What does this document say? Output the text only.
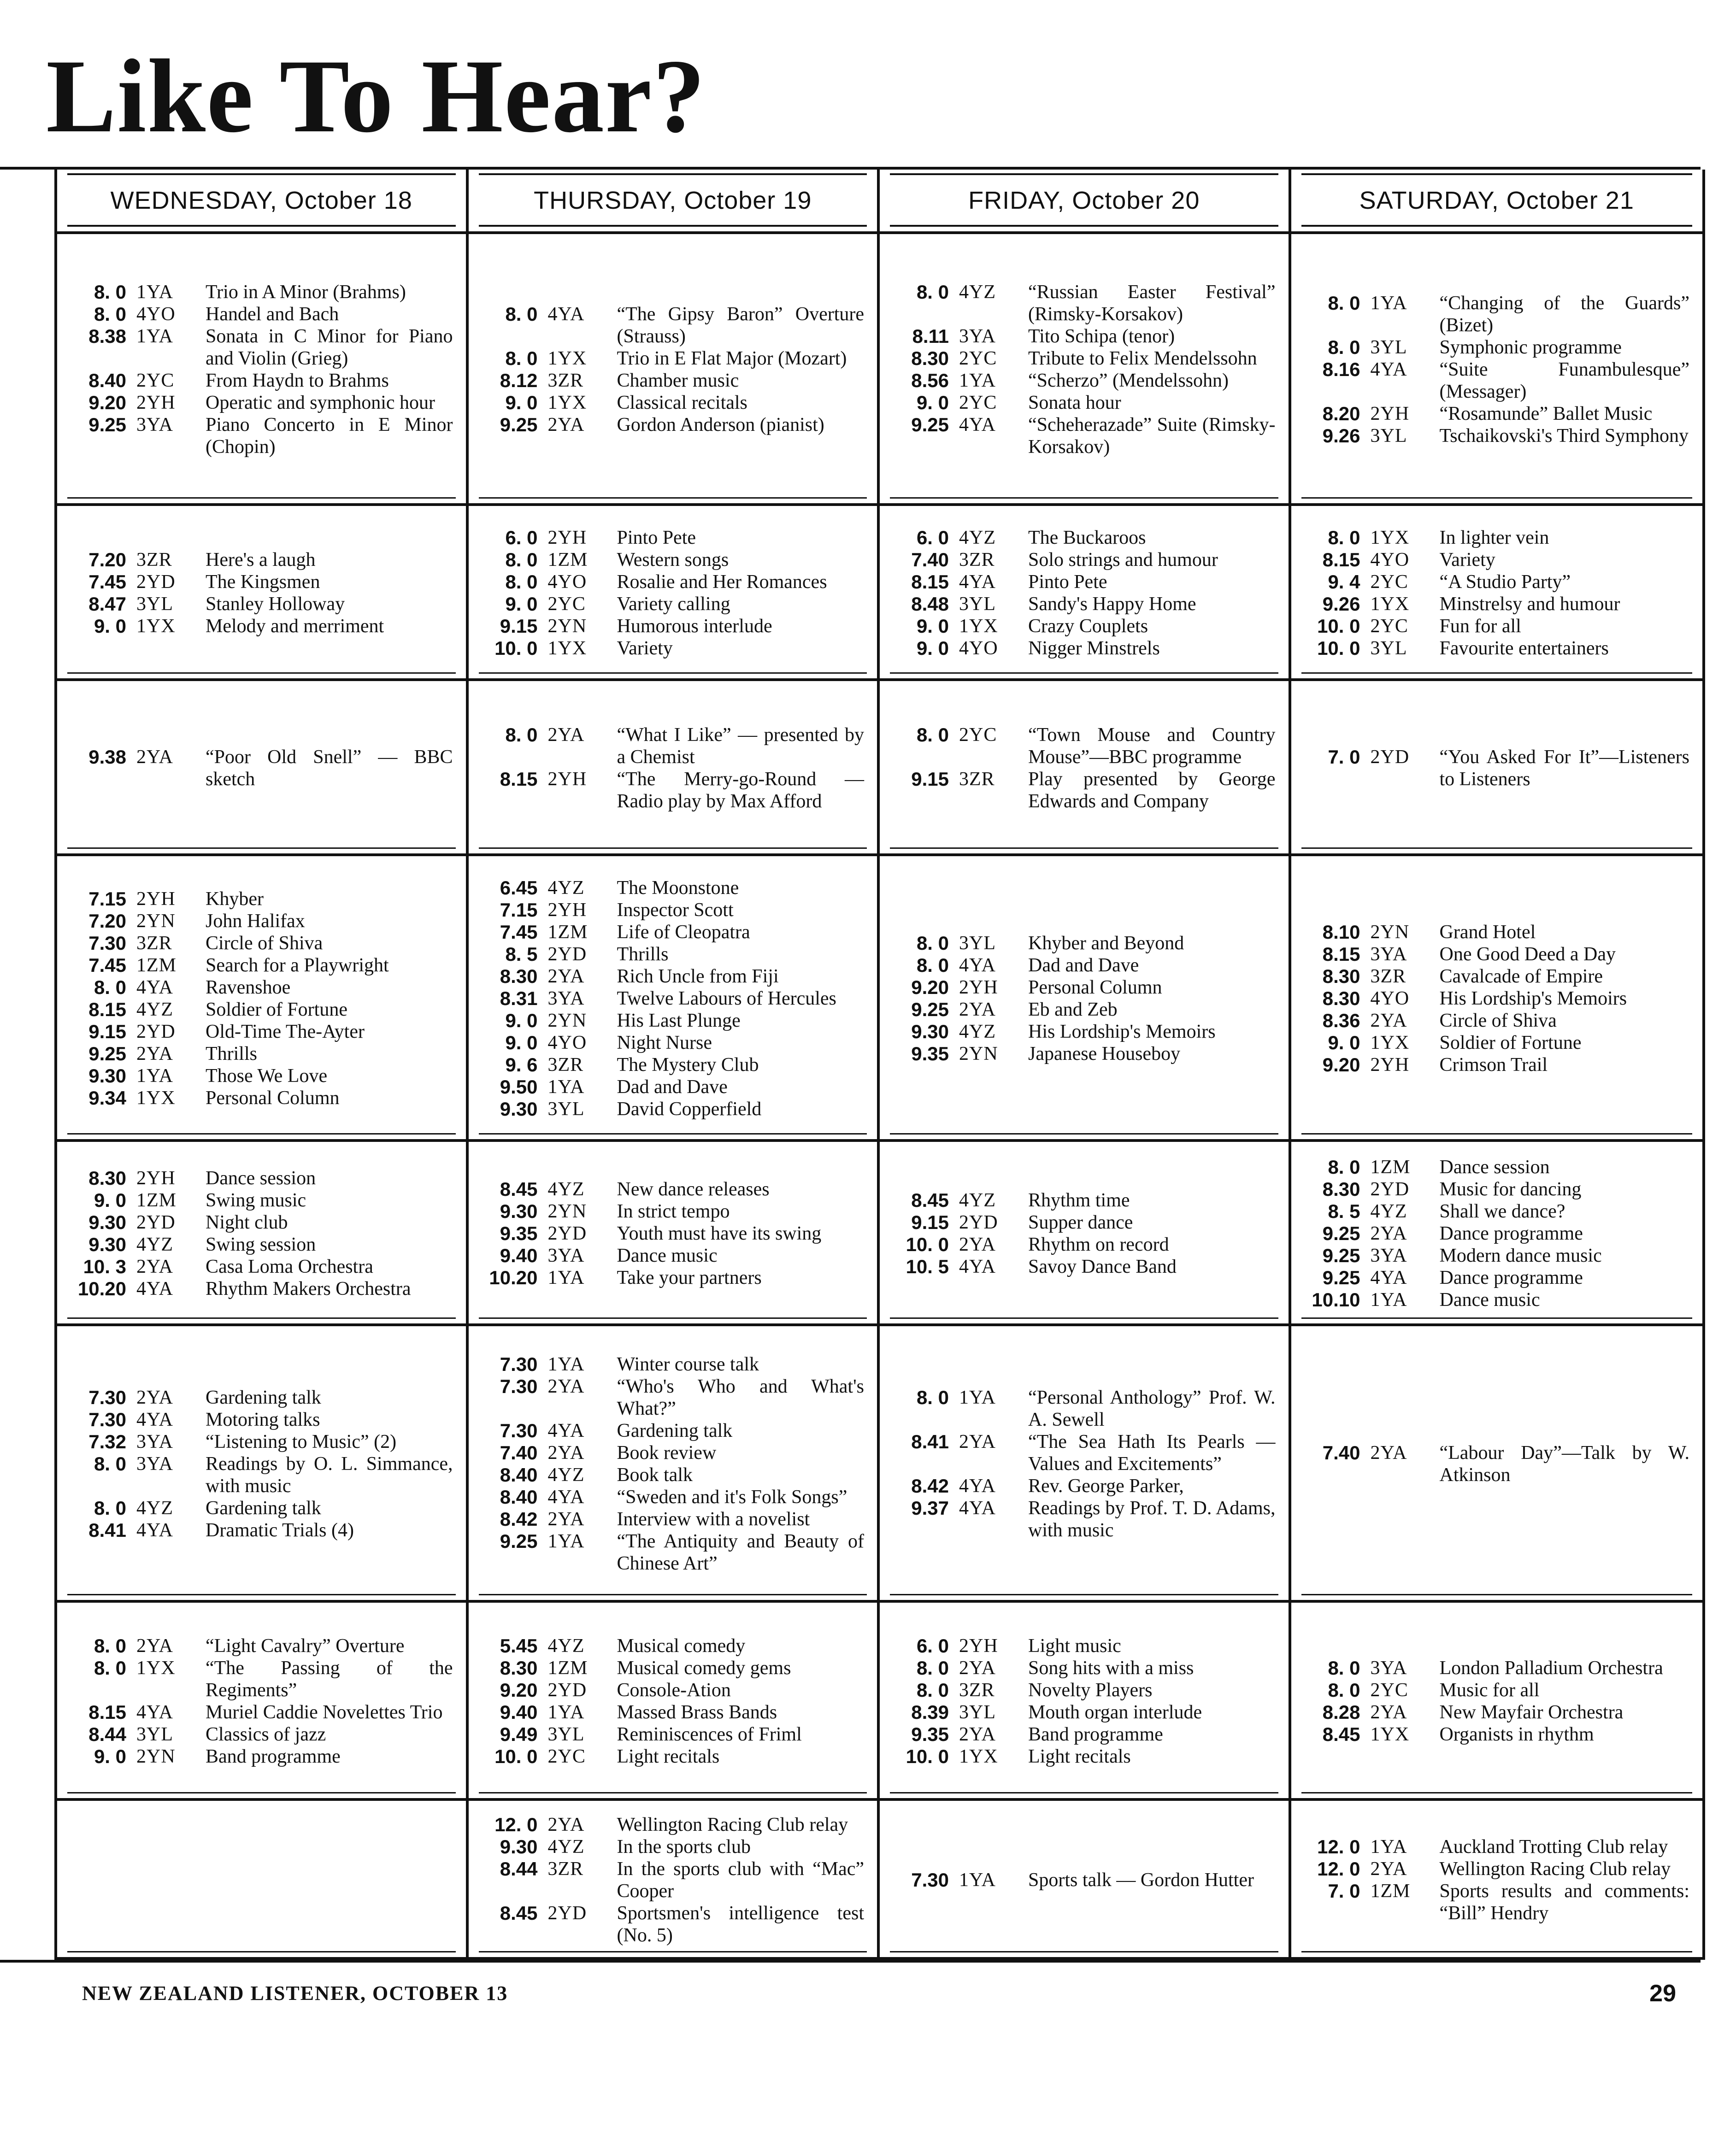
Like To Hear?
WEDNESDAY, October 18	THURSDAY, October 19	FRIDAY, October 20	SATURDAY, October 21
8. 0 1YA	Trio in A Minor (Brahms)
8. 0 4YO	Handel and Bach
8.38 1YA	Sonata in C Minor for Piano and Violin (Grieg)
8.40 2YC	From Haydn to Brahms
9.20 2YH	Operatic and symphonic hour
9.25 3YA	Piano Concerto in E Minor (Chopin)
8. 0 4YA	“The Gipsy Baron” Overture (Strauss)
8. 0 1YX	Trio in E Flat Major (Mozart)
8.12 3ZR	Chamber music
9. 0 1YX	Classical recitals
9.25 2YA	Gordon Anderson (pianist)
8. 0 4YZ	“Russian Easter Festival” (Rimsky-Korsakov)
8.11 3YA	Tito Schipa (tenor)
8.30 2YC	Tribute to Felix Mendelssohn
8.56 1YA	“Scherzo” (Mendelssohn)
9. 0 2YC	Sonata hour
9.25 4YA	“Scheherazade” Suite (Rimsky-Korsakov)
8. 0 1YA	“Changing of the Guards” (Bizet)
8. 0 3YL	Symphonic programme
8.16 4YA	“Suite Funambulesque” (Messager)
8.20 2YH	“Rosamunde” Ballet Music
9.26 3YL	Tschaikovski's Third Symphony
7.20 3ZR	Here's a laugh
7.45 2YD	The Kingsmen
8.47 3YL	Stanley Holloway
9. 0 1YX	Melody and merriment
6. 0 2YH	Pinto Pete
8. 0 1ZM	Western songs
8. 0 4YO	Rosalie and Her Romances
9. 0 2YC	Variety calling
9.15 2YN	Humorous interlude
10. 0 1YX	Variety
6. 0 4YZ	The Buckaroos
7.40 3ZR	Solo strings and humour
8.15 4YA	Pinto Pete
8.48 3YL	Sandy's Happy Home
9. 0 1YX	Crazy Couplets
9. 0 4YO	Nigger Minstrels
8. 0 1YX	In lighter vein
8.15 4YO	Variety
9. 4 2YC	“A Studio Party”
9.26 1YX	Minstrelsy and humour
10. 0 2YC	Fun for all
10. 0 3YL	Favourite entertainers
9.38 2YA	“Poor Old Snell” — BBC sketch
8. 0 2YA	“What I Like” — presented by a Chemist
8.15 2YH	“The Merry-go-Round — Radio play by Max Afford
8. 0 2YC	“Town Mouse and Country Mouse”—BBC programme
9.15 3ZR	Play presented by George Edwards and Company
7. 0 2YD	“You Asked For It”—Listeners to Listeners
7.15 2YH	Khyber
7.20 2YN	John Halifax
7.30 3ZR	Circle of Shiva
7.45 1ZM	Search for a Playwright
8. 0 4YA	Ravenshoe
8.15 4YZ	Soldier of Fortune
9.15 2YD	Old-Time The-Ayter
9.25 2YA	Thrills
9.30 1YA	Those We Love
9.34 1YX	Personal Column
6.45 4YZ	The Moonstone
7.15 2YH	Inspector Scott
7.45 1ZM	Life of Cleopatra
8. 5 2YD	Thrills
8.30 2YA	Rich Uncle from Fiji
8.31 3YA	Twelve Labours of Hercules
9. 0 2YN	His Last Plunge
9. 0 4YO	Night Nurse
9. 6 3ZR	The Mystery Club
9.50 1YA	Dad and Dave
9.30 3YL	David Copperfield
8. 0 3YL	Khyber and Beyond
8. 0 4YA	Dad and Dave
9.20 2YH	Personal Column
9.25 2YA	Eb and Zeb
9.30 4YZ	His Lordship's Memoirs
9.35 2YN	Japanese Houseboy
8.10 2YN	Grand Hotel
8.15 3YA	One Good Deed a Day
8.30 3ZR	Cavalcade of Empire
8.30 4YO	His Lordship's Memoirs
8.36 2YA	Circle of Shiva
9. 0 1YX	Soldier of Fortune
9.20 2YH	Crimson Trail
8.30 2YH	Dance session
9. 0 1ZM	Swing music
9.30 2YD	Night club
9.30 4YZ	Swing session
10. 3 2YA	Casa Loma Orchestra
10.20 4YA	Rhythm Makers Orchestra
8.45 4YZ	New dance releases
9.30 2YN	In strict tempo
9.35 2YD	Youth must have its swing
9.40 3YA	Dance music
10.20 1YA	Take your partners
8.45 4YZ	Rhythm time
9.15 2YD	Supper dance
10. 0 2YA	Rhythm on record
10. 5 4YA	Savoy Dance Band
8. 0 1ZM	Dance session
8.30 2YD	Music for dancing
8. 5 4YZ	Shall we dance?
9.25 2YA	Dance programme
9.25 3YA	Modern dance music
9.25 4YA	Dance programme
10.10 1YA	Dance music
7.30 2YA	Gardening talk
7.30 4YA	Motoring talks
7.32 3YA	“Listening to Music” (2)
8. 0 3YA	Readings by O. L. Simmance, with music
8. 0 4YZ	Gardening talk
8.41 4YA	Dramatic Trials (4)
7.30 1YA	Winter course talk
7.30 2YA	“Who's Who and What's What?”
7.30 4YA	Gardening talk
7.40 2YA	Book review
8.40 4YZ	Book talk
8.40 4YA	“Sweden and it's Folk Songs”
8.42 2YA	Interview with a novelist
9.25 1YA	“The Antiquity and Beauty of Chinese Art”
8. 0 1YA	“Personal Anthology” Prof. W. A. Sewell
8.41 2YA	“The Sea Hath Its Pearls — Values and Excitements”
8.42 4YA	Rev. George Parker,
9.37 4YA	Readings by Prof. T. D. Adams, with music
7.40 2YA	“Labour Day”—Talk by W. Atkinson
8. 0 2YA	“Light Cavalry” Overture
8. 0 1YX	“The Passing of the Regiments”
8.15 4YA	Muriel Caddie Novelettes Trio
8.44 3YL	Classics of jazz
9. 0 2YN	Band programme
5.45 4YZ	Musical comedy
8.30 1ZM	Musical comedy gems
9.20 2YD	Console-Ation
9.40 1YA	Massed Brass Bands
9.49 3YL	Reminiscences of Friml
10. 0 2YC	Light recitals
6. 0 2YH	Light music
8. 0 2YA	Song hits with a miss
8. 0 3ZR	Novelty Players
8.39 3YL	Mouth organ interlude
9.35 2YA	Band programme
10. 0 1YX	Light recitals
8. 0 3YA	London Palladium Orchestra
8. 0 2YC	Music for all
8.28 2YA	New Mayfair Orchestra
8.45 1YX	Organists in rhythm
12. 0 2YA	Wellington Racing Club relay
9.30 4YZ	In the sports club
8.44 3ZR	In the sports club with “Mac” Cooper
8.45 2YD	Sportsmen's intelligence test (No. 5)
7.30 1YA	Sports talk — Gordon Hutter
12. 0 1YA	Auckland Trotting Club relay
12. 0 2YA	Wellington Racing Club relay
7. 0 1ZM	Sports results and comments: “Bill” Hendry
NEW ZEALAND LISTENER, OCTOBER 13	29
